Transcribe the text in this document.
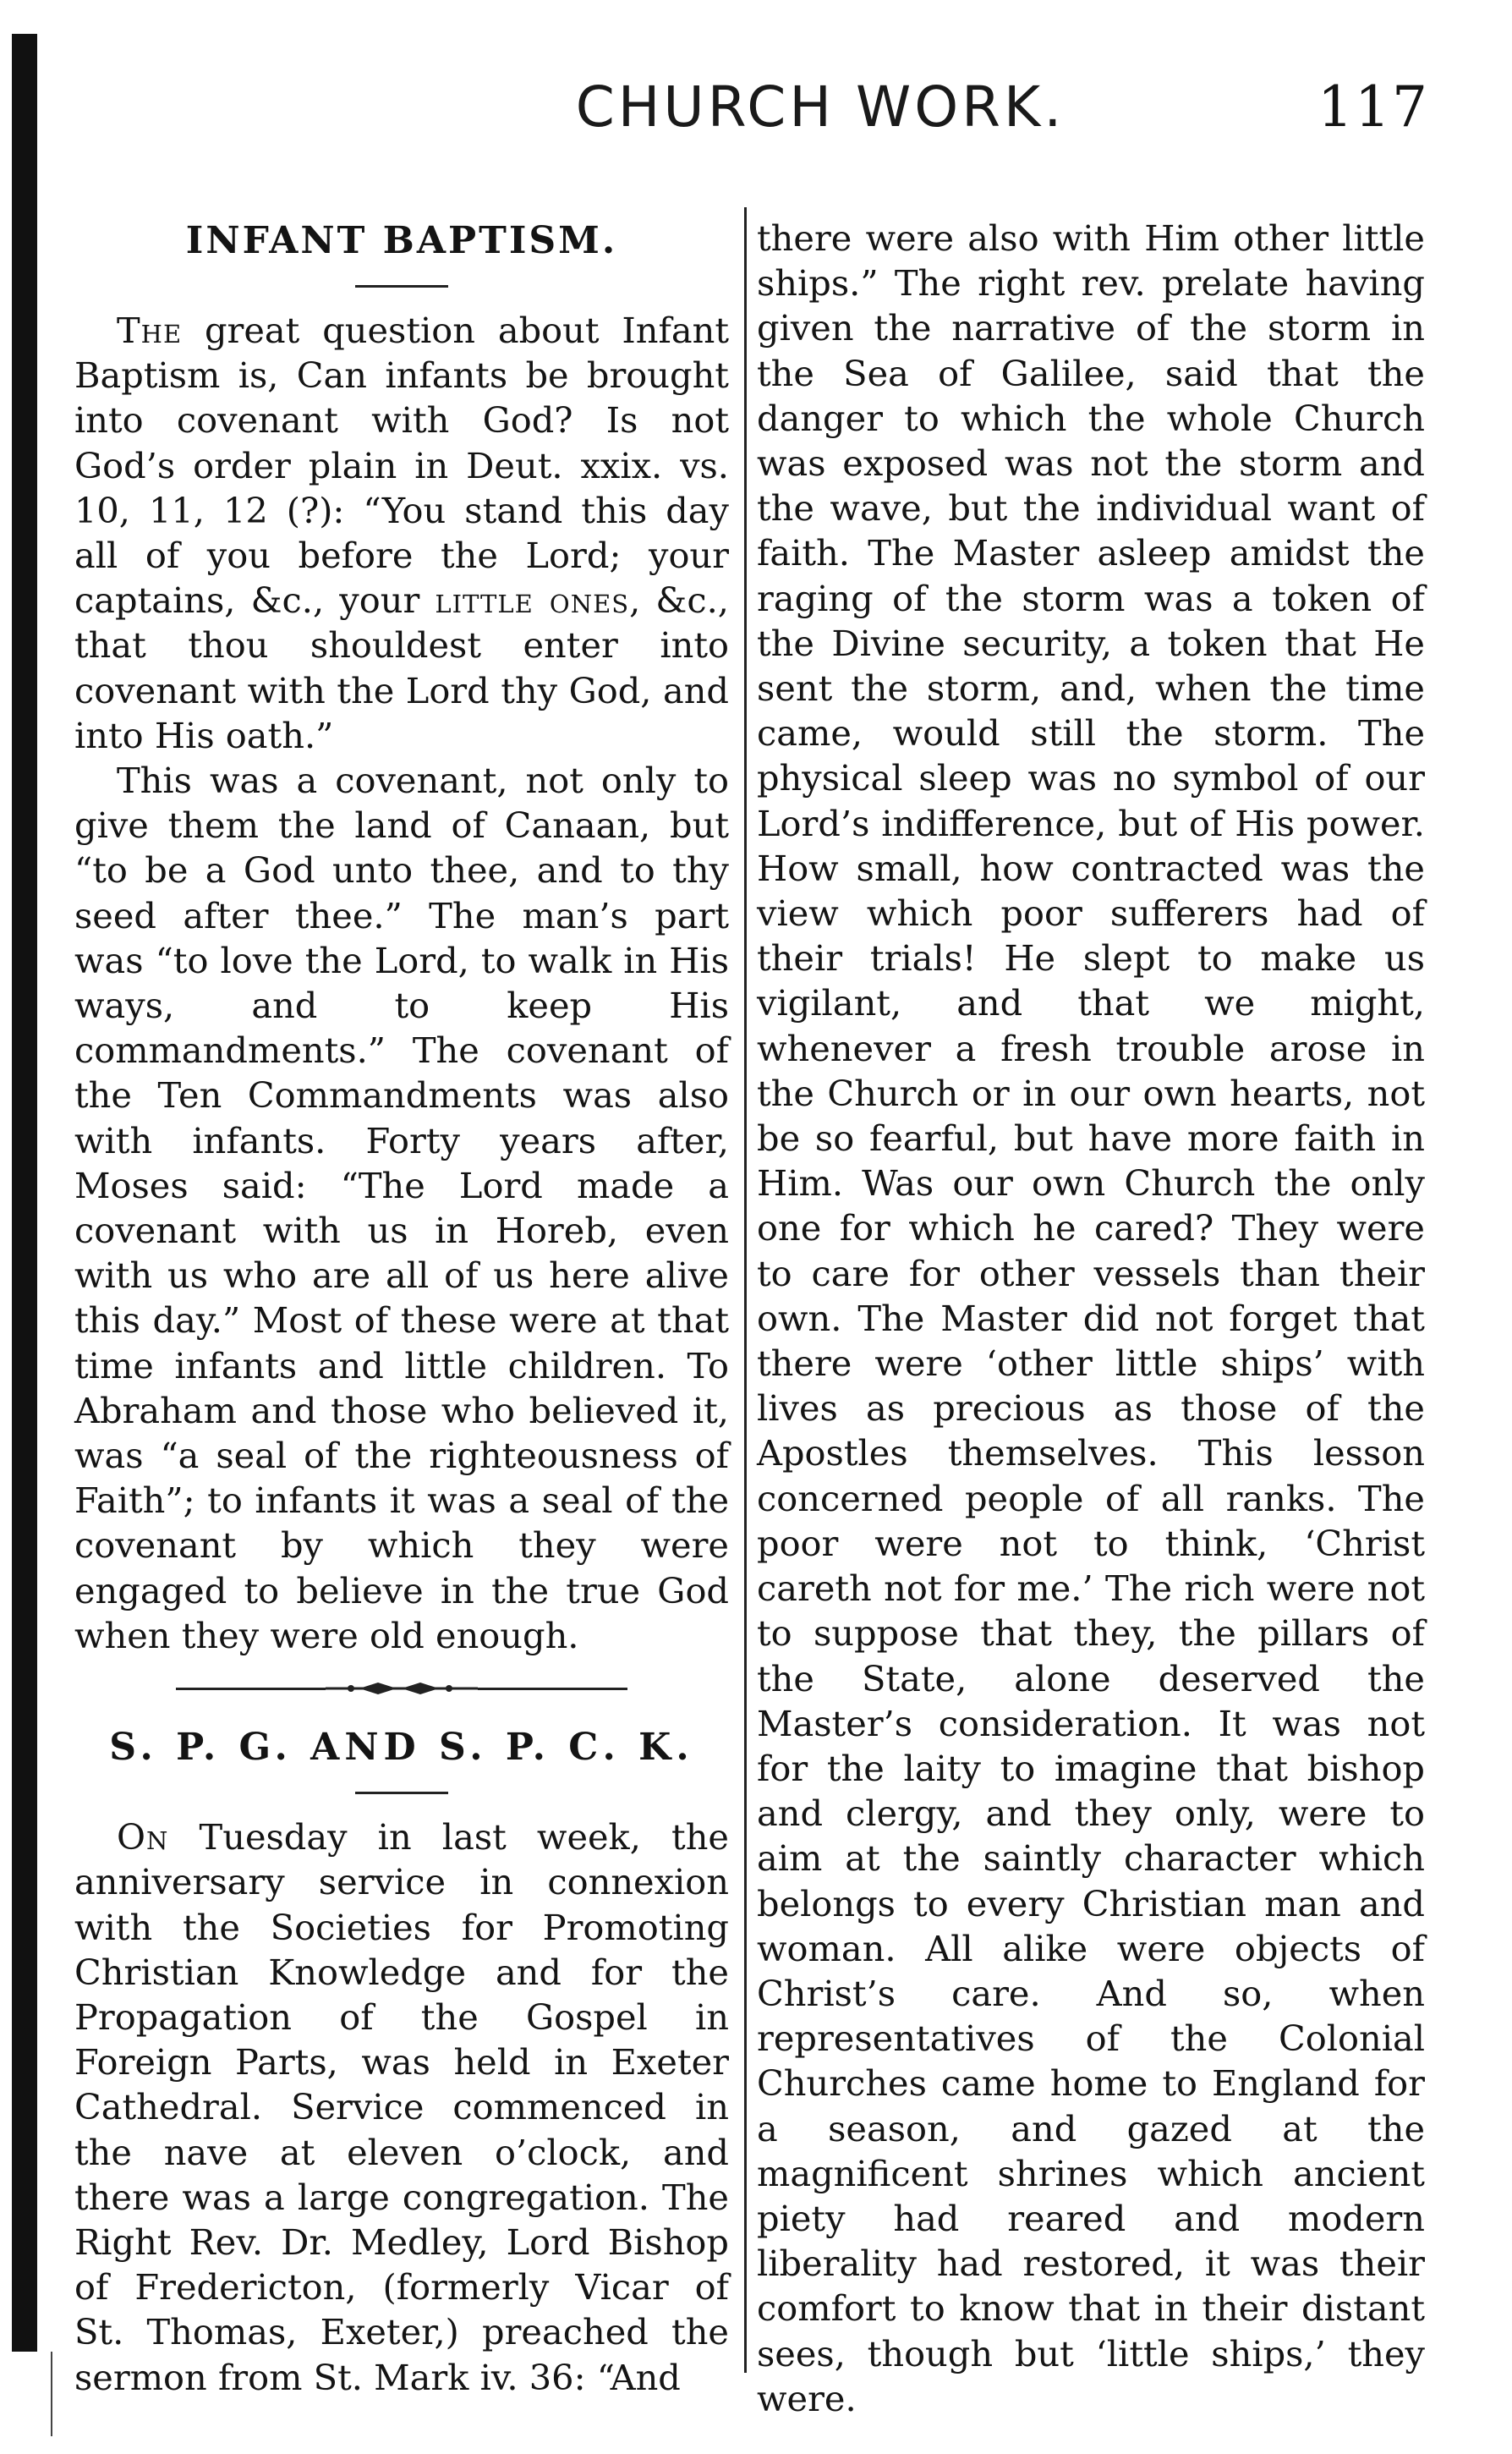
CHURCH WORK.	117
INFANT BAPTISM.

The great question about Infant Baptism is, Can infants be brought into covenant with God? Is not God’s order plain in Deut. xxix. vs. 10, 11, 12 (?): “You stand this day all of you before the Lord; your captains, &c., your little ones, &c., that thou shouldest enter into covenant with the Lord thy God, and into His oath.”

This was a covenant, not only to give them the land of Canaan, but “to be a God unto thee, and to thy seed after thee.” The man’s part was “to love the Lord, to walk in His ways, and to keep His commandments.” The covenant of the Ten Commandments was also with infants. Forty years after, Moses said: “The Lord made a covenant with us in Horeb, even with us who are all of us here alive this day.” Most of these were at that time infants and little children. To Abraham and those who believed it, was “a seal of the righteousness of Faith”; to infants it was a seal of the covenant by which they were engaged to believe in the true God when they were old enough.

S. P. G. AND S. P. C. K.

On Tuesday in last week, the anniversary service in connexion with the Societies for Promoting Christian Knowledge and for the Propagation of the Gospel in Foreign Parts, was held in Exeter Cathedral. Service commenced in the nave at eleven o’clock, and there was a large congregation. The Right Rev. Dr. Medley, Lord Bishop of Fredericton, (formerly Vicar of St. Thomas, Exeter,) preached the sermon from St. Mark iv. 36: “And

there were also with Him other little ships.” The right rev. prelate having given the narrative of the storm in the Sea of Galilee, said that the danger to which the whole Church was exposed was not the storm and the wave, but the individual want of faith. The Master asleep amidst the raging of the storm was a token of the Divine security, a token that He sent the storm, and, when the time came, would still the storm. The physical sleep was no symbol of our Lord’s indifference, but of His power. How small, how contracted was the view which poor sufferers had of their trials! He slept to make us vigilant, and that we might, whenever a fresh trouble arose in the Church or in our own hearts, not be so fearful, but have more faith in Him. Was our own Church the only one for which he cared? They were to care for other vessels than their own. The Master did not forget that there were ‘other little ships’ with lives as precious as those of the Apostles themselves. This lesson concerned people of all ranks. The poor were not to think, ‘Christ careth not for me.’ The rich were not to suppose that they, the pillars of the State, alone deserved the Master’s consideration. It was not for the laity to imagine that bishop and clergy, and they only, were to aim at the saintly character which belongs to every Christian man and woman. All alike were objects of Christ’s care. And so, when representatives of the Colonial Churches came home to England for a season, and gazed at the magnificent shrines which ancient piety had reared and modern liberality had restored, it was their comfort to know that in their distant sees, though but ‘little ships,’ they were.
